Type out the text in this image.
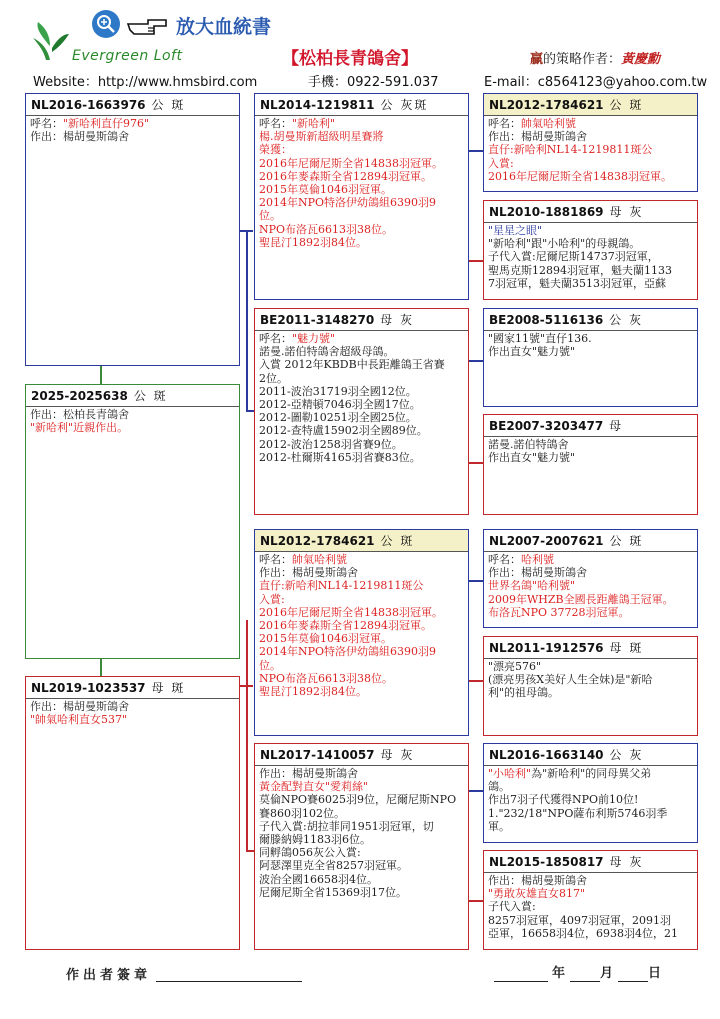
Evergreen Loft
放大血統書
【松柏長青鴿舍】	贏的策略作者：黃慶勳
Website：http://www.hmsbird.com	手機：0922-591.037	E-mail：c8564123@yahoo.com.tw
NL2016-1663976 公 斑
呼名："新哈利直仔976"
作出：楊胡曼斯鴿舍
2025-2025638 公 斑
作出：松柏長青鴿舍
"新哈利"近親作出。
NL2019-1023537 母 斑
作出：楊胡曼斯鴿舍
"帥氣哈利直女537"
NL2014-1219811 公 灰斑
呼名："新哈利"
楊.胡曼斯新超級明星賽將
榮獲：
2016年尼爾尼斯全省14838羽冠軍。
2016年麥森斯全省12894羽冠軍。
2015年莫倫1046羽冠軍。
2014年NPO特洛伊幼鴿組6390羽9
位。
NPO布洛瓦6613羽38位。
聖昆汀1892羽84位。
BE2011-3148270 母 灰
呼名："魅力號"
諾曼.諾伯特鴿舍超級母鴿。
入賞 2012年KBDB中長距離鴿王省賽
2位。
2011-波治31719羽全國12位。
2012-亞精頓7046羽全國17位。
2012-圖勒10251羽全國25位。
2012-查特盧15902羽全國89位。
2012-波治1258羽省賽9位。
2012-杜爾斯4165羽省賽83位。
NL2012-1784621 公 斑
呼名：帥氣哈利號
作出：楊胡曼斯鴿舍
直仔:新哈利NL14-1219811斑公
入賞:
2016年尼爾尼斯全省14838羽冠軍。
2016年麥森斯全省12894羽冠軍。
2015年莫倫1046羽冠軍。
2014年NPO特洛伊幼鴿組6390羽9
位。
NPO布洛瓦6613羽38位。
聖昆汀1892羽84位。
NL2017-1410057 母 灰
作出：楊胡曼斯鴿舍
黃金配對直女"愛莉絲"
莫倫NPO賽6025羽9位，尼爾尼斯NPO
賽860羽102位。
子代入賞:胡拉菲同1951羽冠軍，切
爾滕納姆1183羽6位。
同孵鴿056灰公入賞:
阿瑟澤里克全省8257羽冠軍。
波治全國16658羽4位。
尼爾尼斯全省15369羽17位。
NL2012-1784621 公 斑
呼名：帥氣哈利號
作出：楊胡曼斯鴿舍
直仔:新哈利NL14-1219811斑公
入賞:
2016年尼爾尼斯全省14838羽冠軍。
NL2010-1881869 母 灰
"星星之眼"
"新哈利"跟"小哈利"的母親鴿。
子代入賞:尼爾尼斯14737羽冠軍，
聖馬克斯12894羽冠軍，魁夫蘭1133
7羽冠軍，魁夫蘭3513羽冠軍，亞蘇
BE2008-5116136 公 灰
"國家11號"直仔136.
作出直女"魅力號"
BE2007-3203477 母
諾曼.諾伯特鴿舍
作出直女"魅力號"
NL2007-2007621 公 斑
呼名：哈利號
作出：楊胡曼斯鴿舍
世界名鴿"哈利號"
2009年WHZB全國長距離鴿王冠軍。
布洛瓦NPO 37728羽冠軍。
NL2011-1912576 母 斑
"漂亮576"
(漂亮男孩X美好人生全妹)是"新哈
利"的祖母鴿。
NL2016-1663140 公 灰
"小哈利"為"新哈利"的同母異父弟
鴿。
作出7羽子代獲得NPO前10位!
1."232/18"NPO薩布利斯5746羽季
軍。
NL2015-1850817 母 灰
作出：楊胡曼斯鴿舍
"勇敢灰雄直女817"
子代入賞:
8257羽冠軍，4097羽冠軍，2091羽
亞軍，16658羽4位，6938羽4位，21
作出者簽章	年	月	日
